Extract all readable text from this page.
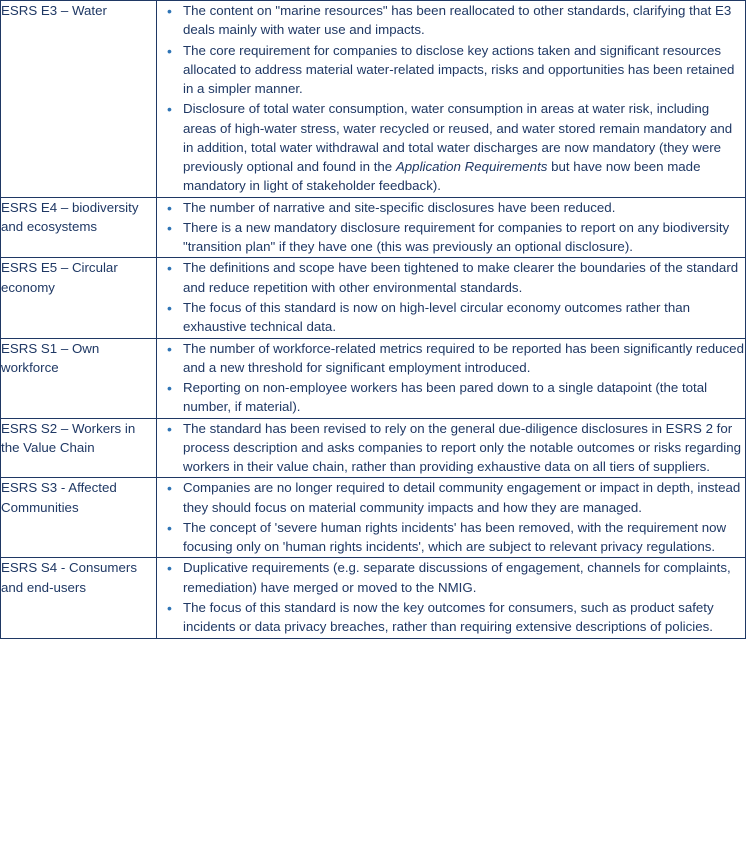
ESRS E3 – Water

•The content on "marine resources" has been reallocated to other standards, clarifying that E3 deals mainly with water use and impacts.
• The core requirement for companies to disclose key actions taken and significant resources allocated to address material water-related impacts, risks and opportunities has been retained in a simpler manner.
• Disclosure of total water consumption, water consumption in areas at water risk, including areas of high-water stress, water recycled or reused, and water stored remain mandatory and in addition, total water withdrawal and total water discharges are now mandatory (they were previously optional and found in the Application Requirements but have now been made mandatory in light of stakeholder feedback).

ESRS E4 – biodiversity and ecosystems

• The number of narrative and site-specific disclosures have been reduced.
• There is a new mandatory disclosure requirement for companies to report on any biodiversity "transition plan" if they have one (this was previously an optional disclosure).

ESRS E5 – Circular economy

• The definitions and scope have been tightened to make clearer the boundaries of the standard and reduce repetition with other environmental standards.
• The focus of this standard is now on high-level circular economy outcomes rather than exhaustive technical data.

ESRS S1 – Own workforce

• The number of workforce-related metrics required to be reported has been significantly reduced and a new threshold for significant employment introduced.
• Reporting on non-employee workers has been pared down to a single datapoint (the total number, if material).

ESRS S2 – Workers in the Value Chain

• The standard has been revised to rely on the general due-diligence disclosures in ESRS 2 for process description and asks companies to report only the notable outcomes or risks regarding workers in their value chain, rather than providing exhaustive data on all tiers of suppliers.

ESRS S3 - Affected Communities

• Companies are no longer required to detail community engagement or impact in depth, instead they should focus on material community impacts and how they are managed.
• The concept of 'severe human rights incidents' has been removed, with the requirement now focusing only on 'human rights incidents', which are subject to relevant privacy regulations.

ESRS S4 - Consumers and end-users

• Duplicative requirements (e.g. separate discussions of engagement, channels for complaints, remediation) have merged or moved to the NMIG.
• The focus of this standard is now the key outcomes for consumers, such as product safety incidents or data privacy breaches, rather than requiring extensive descriptions of policies.
